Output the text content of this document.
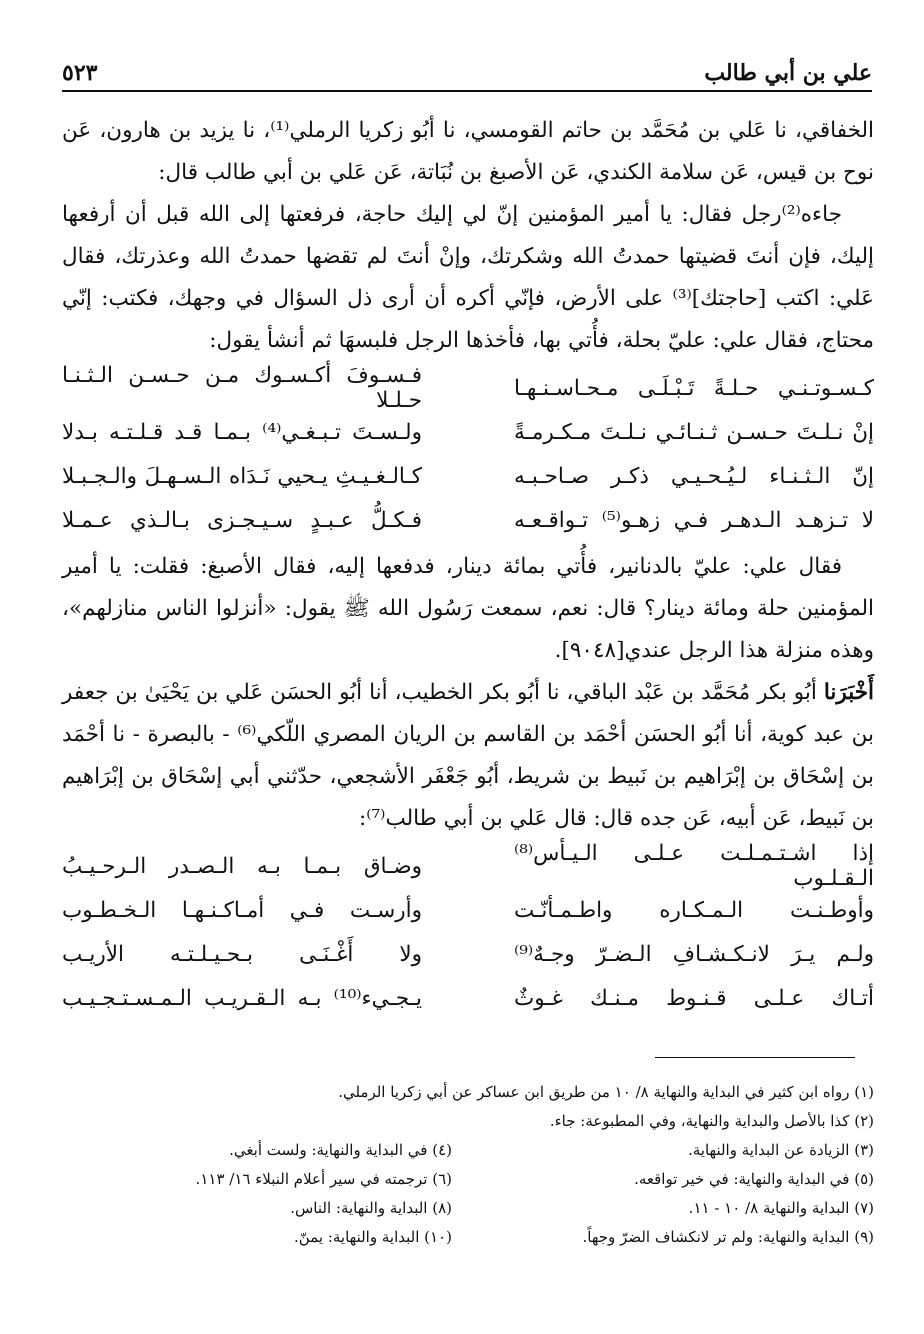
علي بن أبي طالب
٥٢٣

الخفاقي، نا عَلي بن مُحَمَّد بن حاتم القومسي، نا أبُو زكريا الرملي⁽¹⁾، نا يزيد بن هارون، عَن نوح بن قيس، عَن سلامة الكندي، عَن الأصبغ بن نُبَاتة، عَن عَلي بن أبي طالب قال:

جاءه⁽²⁾رجل فقال: يا أمير المؤمنين إنّ لي إليك حاجة، فرفعتها إلى الله قبل أن أرفعها إليك، فإن أنتَ قضيتها حمدتُ الله وشكرتك، وإنْ أنتَ لم تقضها حمدتُ الله وعذرتك، فقال عَلي: اكتب [حاجتك]⁽³⁾ على الأرض، فإنّي أكره أن أرى ذل السؤال في وجهك، فكتب: إنّي محتاج، فقال علي: عليّ بحلة، فأُتي بها، فأخذها الرجل فلبسهَا ثم أنشأ يقول:

كـسـوتـنـي حـلـةً تَـبْـلَـى مـحـاسـنـهـا
فـسـوفَ أكـسـوك مـن حـسـن الـثـنـا حـلـلا
إنْ نـلـتَ حـسـن ثـنـائـي نـلـتَ مـكـرمـةً
ولـسـتَ تـبـغـي⁽⁴⁾ بـمـا قـد قـلـتـه بـدلا
إنّ الـثـنـاء لـيُـحـيـي ذكـر صـاحـبـه
كـالـغـيـثِ يـحيي نَـدَاه الـسـهـلَ والـجـبـلا
لا تـزهـد الـدهـر فـي زهـو⁽⁵⁾ تـواقـعـه
فـكـلُّ عـبـدٍ سـيـجـزى بـالـذي عـمـلا

فقال علي: عليّ بالدنانير، فأُتي بمائة دينار، فدفعها إليه، فقال الأصبغ: فقلت: يا أمير المؤمنين حلة ومائة دينار؟ قال: نعم، سمعت رَسُول الله ﷺ يقول: «أنزلوا الناس منازلهم»، وهذه منزلة هذا الرجل عندي[٩٠٤٨].

أَخْبَرَنا أبُو بكر مُحَمَّد بن عَبْد الباقي، نا أبُو بكر الخطيب، أنا أبُو الحسَن عَلي بن يَحْيَىٰ بن جعفر بن عبد كوية، أنا أبُو الحسَن أحْمَد بن القاسم بن الريان المصري اللّكي⁽⁶⁾ - بالبصرة - نا أحْمَد بن إسْحَاق بن إبْرَاهيم بن نَبيط بن شريط، أبُو جَعْفَر الأشجعي، حدّثني أبي إسْحَاق بن إبْرَاهيم بن نَبيط، عَن أبيه، عَن جده قال: قال عَلي بن أبي طالب⁽⁷⁾:

إذا اشـتـمـلـت عـلـى الـيـأس⁽⁸⁾ الـقـلـوب
وضـاق بـمـا بـه الـصـدر الـرحـيـبُ
وأوطـنـت الـمـكـاره واطـمـأنّـت
وأرسـت فـي أمـاكـنـهـا الـخـطـوب
ولـم يـرَ لانـكـشـافِ الـضـرّ وجـهٌ⁽⁹⁾
ولا أَغْـنَـى بـحـيـلـتـه الأريـب
أتـاك عـلـى قـنـوط مـنـك غـوثٌ
يـجـيء⁽¹⁰⁾ بـه الـقـريـب الـمـسـتـجـيـب
(١) رواه ابن كثير في البداية والنهاية ٨/ ١٠ من طريق ابن عساكر عن أبي زكريا الرملي.
(٢) كذا بالأصل والبداية والنهاية، وفي المطبوعة: جاء.
(٣) الزيادة عن البداية والنهاية.
(٤) في البداية والنهاية: ولست أبغي.
(٥) في البداية والنهاية: في خير تواقعه.
(٦) ترجمته في سير أعلام النبلاء ١٦/ ١١٣.
(٧) البداية والنهاية ٨/ ١٠ - ١١.
(٨) البداية والنهاية: الناس.
(٩) البداية والنهاية: ولم تر لانكشاف الضرّ وجهاً.
(١٠) البداية والنهاية: يمنّ.
